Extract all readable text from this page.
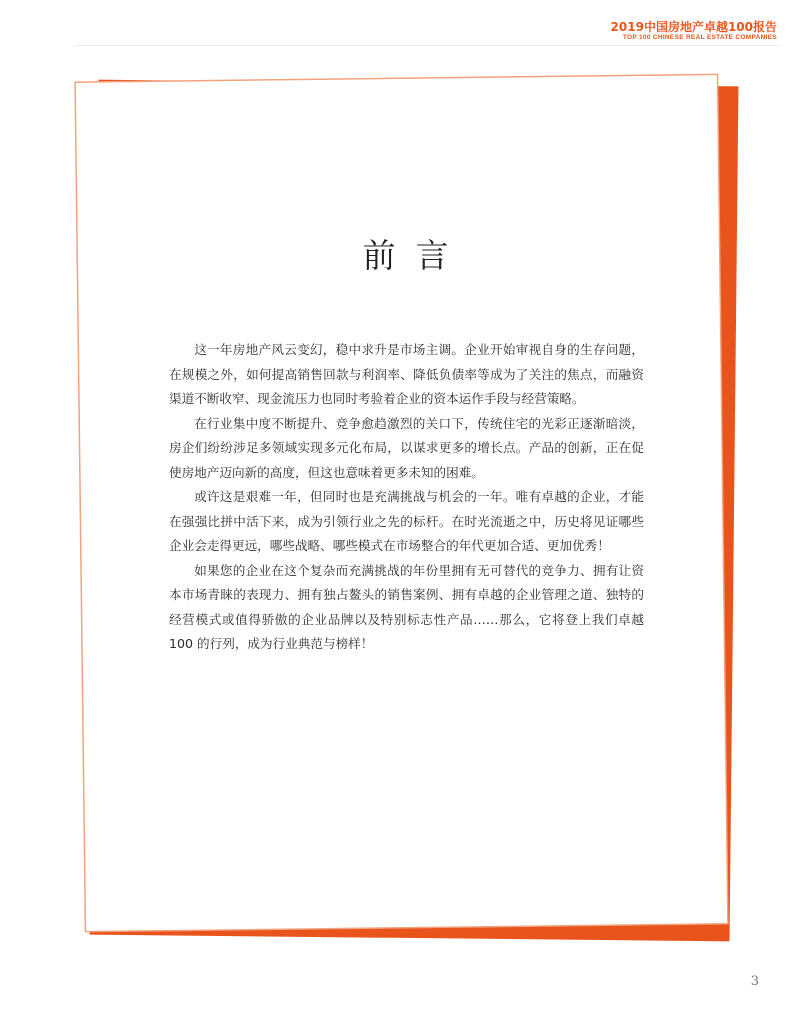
2019中国房地产卓越100报告
TOP 100 CHINESE REAL ESTATE COMPANIES
前言

这一年房地产风云变幻，稳中求升是市场主调。企业开始审视自身的生存问题，在规模之外，如何提高销售回款与利润率、降低负债率等成为了关注的焦点，而融资渠道不断收窄、现金流压力也同时考验着企业的资本运作手段与经营策略。

在行业集中度不断提升、竞争愈趋激烈的关口下，传统住宅的光彩正逐渐暗淡，房企们纷纷涉足多领域实现多元化布局，以谋求更多的增长点。产品的创新，正在促使房地产迈向新的高度，但这也意味着更多未知的困难。

或许这是艰难一年，但同时也是充满挑战与机会的一年。唯有卓越的企业，才能在强强比拼中活下来，成为引领行业之先的标杆。在时光流逝之中，历史将见证哪些企业会走得更远，哪些战略、哪些模式在市场整合的年代更加合适、更加优秀！

如果您的企业在这个复杂而充满挑战的年份里拥有无可替代的竞争力、拥有让资本市场青睐的表现力、拥有独占鳌头的销售案例、拥有卓越的企业管理之道、独特的经营模式或值得骄傲的企业品牌以及特别标志性产品……那么，它将登上我们卓越 100 的行列，成为行业典范与榜样！

3
